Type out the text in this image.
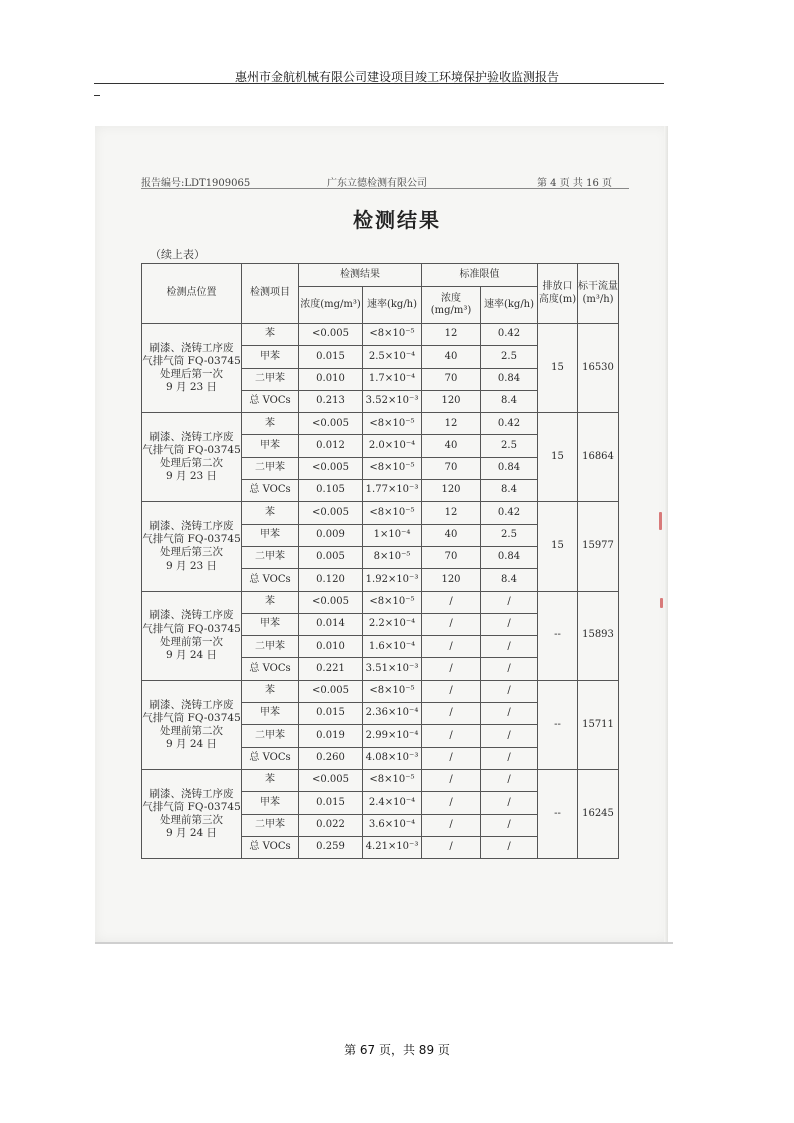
惠州市金航机械有限公司建设项目竣工环境保护验收监测报告
报告编号:LDT1909065	广东立德检测有限公司	第 4 页 共 16 页
检测结果
（续上表）
检测点位置	检测项目	检测结果		标准限值		排放口高度(m)	标干流量(m³/h)
		浓度(mg/m³)	速率(kg/h)	浓度(mg/m³)	速率(kg/h)		

刷漆、浇铸工序废
气排气筒 FQ-03745
处理后第一次
9 月 23 日	苯	<0.005	<8×10⁻⁵	12	0.42	15	16530
	甲苯	0.015	2.5×10⁻⁴	40	2.5		
	二甲苯	0.010	1.7×10⁻⁴	70	0.84		
	总 VOCs	0.213	3.52×10⁻³	120	8.4		

刷漆、浇铸工序废
气排气筒 FQ-03745
处理后第二次
9 月 23 日	苯	<0.005	<8×10⁻⁵	12	0.42	15	16864
	甲苯	0.012	2.0×10⁻⁴	40	2.5		
	二甲苯	<0.005	<8×10⁻⁵	70	0.84		
	总 VOCs	0.105	1.77×10⁻³	120	8.4		

刷漆、浇铸工序废
气排气筒 FQ-03745
处理后第三次
9 月 23 日	苯	<0.005	<8×10⁻⁵	12	0.42	15	15977
	甲苯	0.009	1×10⁻⁴	40	2.5		
	二甲苯	0.005	8×10⁻⁵	70	0.84		
	总 VOCs	0.120	1.92×10⁻³	120	8.4		

刷漆、浇铸工序废
气排气筒 FQ-03745
处理前第一次
9 月 24 日	苯	<0.005	<8×10⁻⁵	/	/	--	15893
	甲苯	0.014	2.2×10⁻⁴	/	/		
	二甲苯	0.010	1.6×10⁻⁴	/	/		
	总 VOCs	0.221	3.51×10⁻³	/	/		

刷漆、浇铸工序废
气排气筒 FQ-03745
处理前第二次
9 月 24 日	苯	<0.005	<8×10⁻⁵	/	/	--	15711
	甲苯	0.015	2.36×10⁻⁴	/	/		
	二甲苯	0.019	2.99×10⁻⁴	/	/		
	总 VOCs	0.260	4.08×10⁻³	/	/		

刷漆、浇铸工序废
气排气筒 FQ-03745
处理前第三次
9 月 24 日	苯	<0.005	<8×10⁻⁵	/	/	--	16245
	甲苯	0.015	2.4×10⁻⁴	/	/		
	二甲苯	0.022	3.6×10⁻⁴	/	/		
	总 VOCs	0.259	4.21×10⁻³	/	/		
第 67 页，共 89 页
